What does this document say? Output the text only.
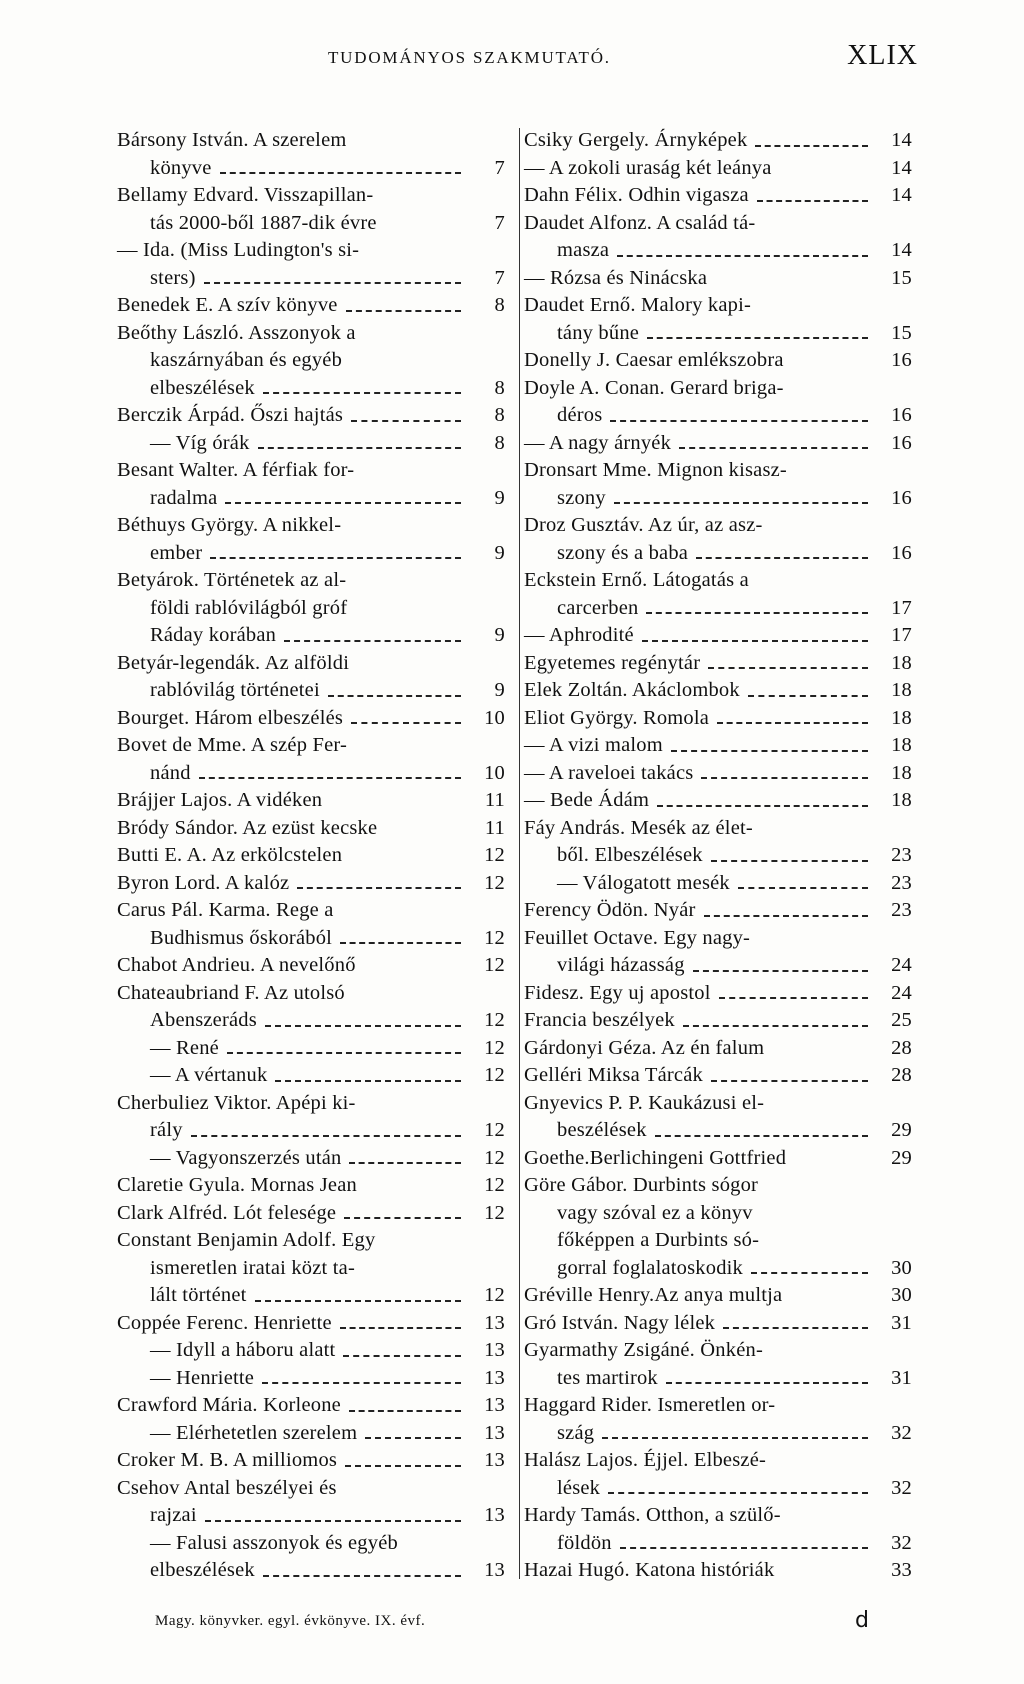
TUDOMÁNYOS SZAKMUTATÓ.	XLIX
Bársony István. A szerelem
könyve	7
Bellamy Edvard. Visszapillan-
tás 2000-ből 1887-dik évre	7
— Ida. (Miss Ludington's si-
sters)	7
Benedek E. A szív könyve	8
Beőthy László. Asszonyok a
kaszárnyában és egyéb
elbeszélések	8
Berczik Árpád. Őszi hajtás	8
— Víg órák	8
Besant Walter. A férfiak for-
radalma	9
Béthuys György. A nikkel-
ember	9
Betyárok. Történetek az al-
földi rablóvilágból gróf
Ráday korában	9
Betyár-legendák. Az alföldi
rablóvilág történetei	9
Bourget. Három elbeszélés	10
Bovet de Mme. A szép Fer-
nánd	10
Brájjer Lajos. A vidéken	11
Bródy Sándor. Az ezüst kecske	11
Butti E. A. Az erkölcstelen	12
Byron Lord. A kalóz	12
Carus Pál. Karma. Rege a
Budhismus őskorából	12
Chabot Andrieu. A nevelőnő	12
Chateaubriand F. Az utolsó
Abenszeráds	12
— René	12
— A vértanuk	12
Cherbuliez Viktor. Apépi ki-
rály	12
— Vagyonszerzés után	12
Claretie Gyula. Mornas Jean	12
Clark Alfréd. Lót felesége	12
Constant Benjamin Adolf. Egy
ismeretlen iratai közt ta-
lált történet	12
Coppée Ferenc. Henriette	13
— Idyll a háboru alatt	13
— Henriette	13
Crawford Mária. Korleone	13
— Elérhetetlen szerelem	13
Croker M. B. A milliomos	13
Csehov Antal beszélyei és
rajzai	13
— Falusi asszonyok és egyéb
elbeszélések	13
Csiky Gergely. Árnyképek	14
— A zokoli uraság két leánya	14
Dahn Félix. Odhin vigasza	14
Daudet Alfonz. A család tá-
masza	14
— Rózsa és Ninácska	15
Daudet Ernő. Malory kapi-
tány bűne	15
Donelly J. Caesar emlékszobra	16
Doyle A. Conan. Gerard briga-
déros	16
— A nagy árnyék	16
Dronsart Mme. Mignon kisasz-
szony	16
Droz Gusztáv. Az úr, az asz-
szony és a baba	16
Eckstein Ernő. Látogatás a
carcerben	17
— Aphrodité	17
Egyetemes regénytár	18
Elek Zoltán. Akáclombok	18
Eliot György. Romola	18
— A vizi malom	18
— A raveloei takács	18
— Bede Ádám	18
Fáy András. Mesék az élet-
ből. Elbeszélések	23
— Válogatott mesék	23
Ferency Ödön. Nyár	23
Feuillet Octave. Egy nagy-
világi házasság	24
Fidesz. Egy uj apostol	24
Francia beszélyek	25
Gárdonyi Géza. Az én falum	28
Gelléri Miksa Tárcák	28
Gnyevics P. P. Kaukázusi el-
beszélések	29
Goethe.Berlichingeni Gottfried	29
Göre Gábor. Durbints sógor
vagy szóval ez a könyv
főképpen a Durbints só-
gorral foglalatoskodik	30
Gréville Henry.Az anya multja	30
Gró István. Nagy lélek	31
Gyarmathy Zsigáné. Önkén-
tes martirok	31
Haggard Rider. Ismeretlen or-
szág	32
Halász Lajos. Éjjel. Elbeszé-
lések	32
Hardy Tamás. Otthon, a szülő-
földön	32
Hazai Hugó. Katona históriák	33
Magy. könyvker. egyl. évkönyve. IX. évf.	d
